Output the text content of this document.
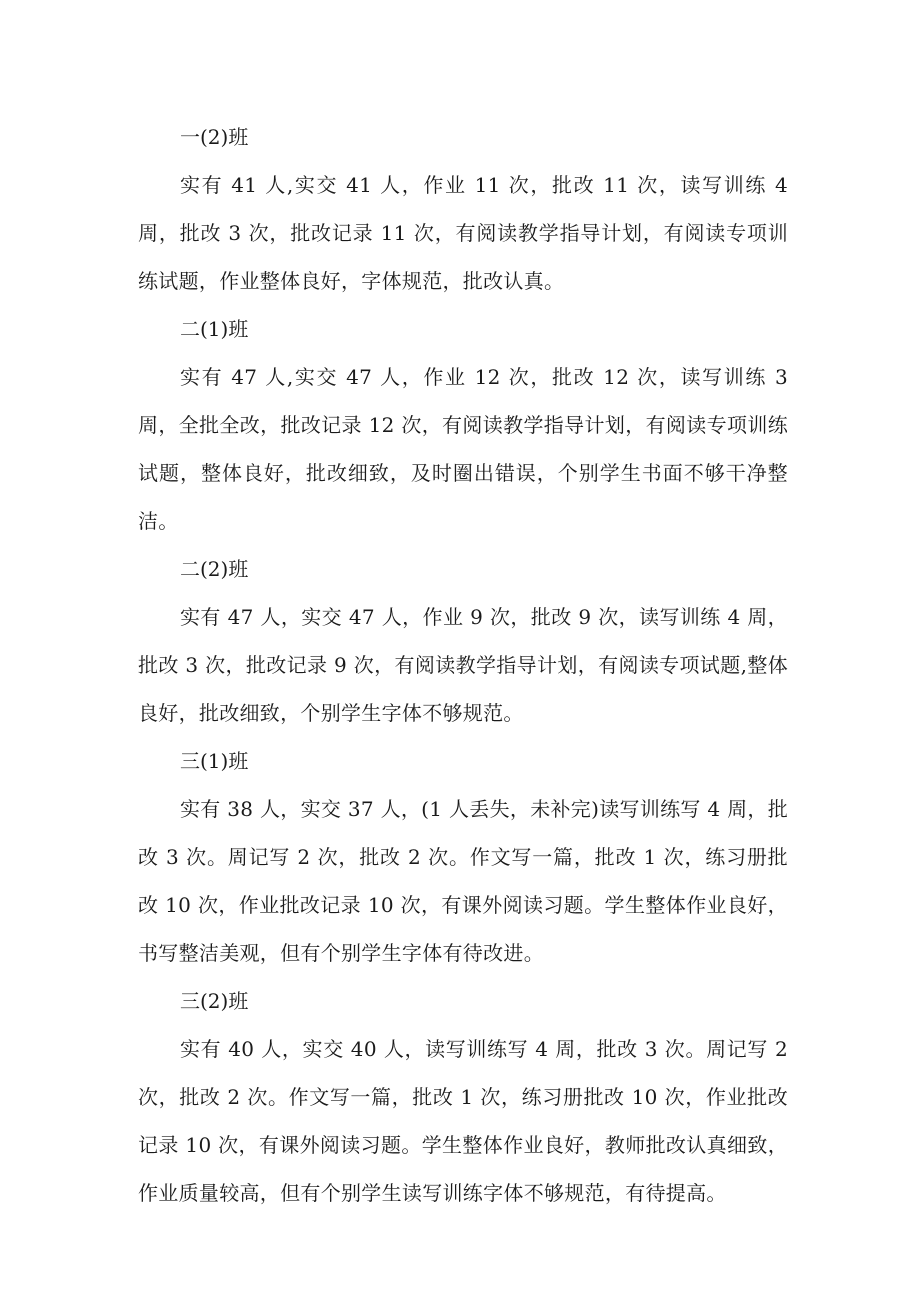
一(2)班

实有 41 人,实交 41 人，作业 11 次，批改 11 次，读写训练 4 周，批改 3 次，批改记录 11 次，有阅读教学指导计划，有阅读专项训练试题，作业整体良好，字体规范，批改认真。

二(1)班

实有 47 人,实交 47 人，作业 12 次，批改 12 次，读写训练 3 周，全批全改，批改记录 12 次，有阅读教学指导计划，有阅读专项训练试题，整体良好，批改细致，及时圈出错误，个别学生书面不够干净整洁。

二(2)班

实有 47 人，实交 47 人，作业 9 次，批改 9 次，读写训练 4 周，批改 3 次，批改记录 9 次，有阅读教学指导计划，有阅读专项试题,整体良好，批改细致，个别学生字体不够规范。

三(1)班

实有 38 人，实交 37 人，(1 人丢失，未补完)读写训练写 4 周，批改 3 次。周记写 2 次，批改 2 次。作文写一篇，批改 1 次，练习册批改 10 次，作业批改记录 10 次，有课外阅读习题。学生整体作业良好，书写整洁美观，但有个别学生字体有待改进。

三(2)班

实有 40 人，实交 40 人，读写训练写 4 周，批改 3 次。周记写 2 次，批改 2 次。作文写一篇，批改 1 次，练习册批改 10 次，作业批改记录 10 次，有课外阅读习题。学生整体作业良好，教师批改认真细致，作业质量较高，但有个别学生读写训练字体不够规范，有待提高。
